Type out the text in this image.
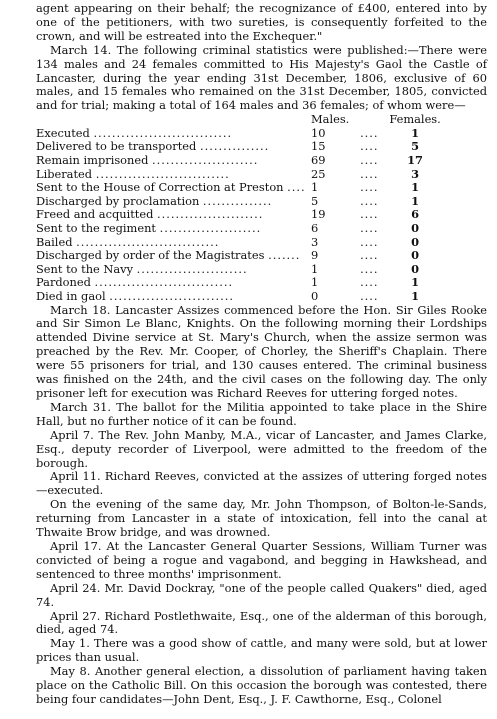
agent appearing on their behalf; the recognizance of £400, entered into by one of the petitioners, with two sureties, is consequently forfeited to the crown, and will be estreated into the Exchequer."

March 14. The following criminal statistics were published:—There were 134 males and 24 females committed to His Majesty's Gaol the Castle of Lancaster, during the year ending 31st December, 1806, exclusive of 60 males, and 15 females who remained on the 31st December, 1805, convicted and for trial; making a total of 164 males and 36 females; of whom were—

	Males.		Females.
Executed ..............................	10	....	1
Delivered to be transported ...............	15	....	5
Remain imprisoned .......................	69	....	17
Liberated .............................	25	....	3
Sent to the House of Correction at Preston ....	1	....	1
Discharged by proclamation ...............	5	....	1
Freed and acquitted .......................	19	....	6
Sent to the regiment ......................	6	....	0
Bailed ...............................	3	....	0
Discharged by order of the Magistrates .......	9	....	0
Sent to the Navy ........................	1	....	0
Pardoned ..............................	1	....	1
Died in gaol ...........................	0	....	1

March 18. Lancaster Assizes commenced before the Hon. Sir Giles Rooke and Sir Simon Le Blanc, Knights. On the following morning their Lordships attended Divine service at St. Mary's Church, when the assize sermon was preached by the Rev. Mr. Cooper, of Chorley, the Sheriff's Chaplain. There were 55 prisoners for trial, and 130 causes entered. The criminal business was finished on the 24th, and the civil cases on the following day. The only prisoner left for execution was Richard Reeves for uttering forged notes.

March 31. The ballot for the Militia appointed to take place in the Shire Hall, but no further notice of it can be found.

April 7. The Rev. John Manby, M.A., vicar of Lancaster, and James Clarke, Esq., deputy recorder of Liverpool, were admitted to the freedom of the borough.

April 11. Richard Reeves, convicted at the assizes of uttering forged notes —executed.

On the evening of the same day, Mr. John Thompson, of Bolton-le-Sands, returning from Lancaster in a state of intoxication, fell into the canal at Thwaite Brow bridge, and was drowned.

April 17. At the Lancaster General Quarter Sessions, William Turner was convicted of being a rogue and vagabond, and begging in Hawkshead, and sentenced to three months' imprisonment.

April 24. Mr. David Dockray, "one of the people called Quakers" died, aged 74.

April 27. Richard Postlethwaite, Esq., one of the alderman of this borough, died, aged 74.

May 1. There was a good show of cattle, and many were sold, but at lower prices than usual.

May 8. Another general election, a dissolution of parliament having taken place on the Catholic Bill. On this occasion the borough was contested, there being four candidates—John Dent, Esq., J. F. Cawthorne, Esq., Colonel
